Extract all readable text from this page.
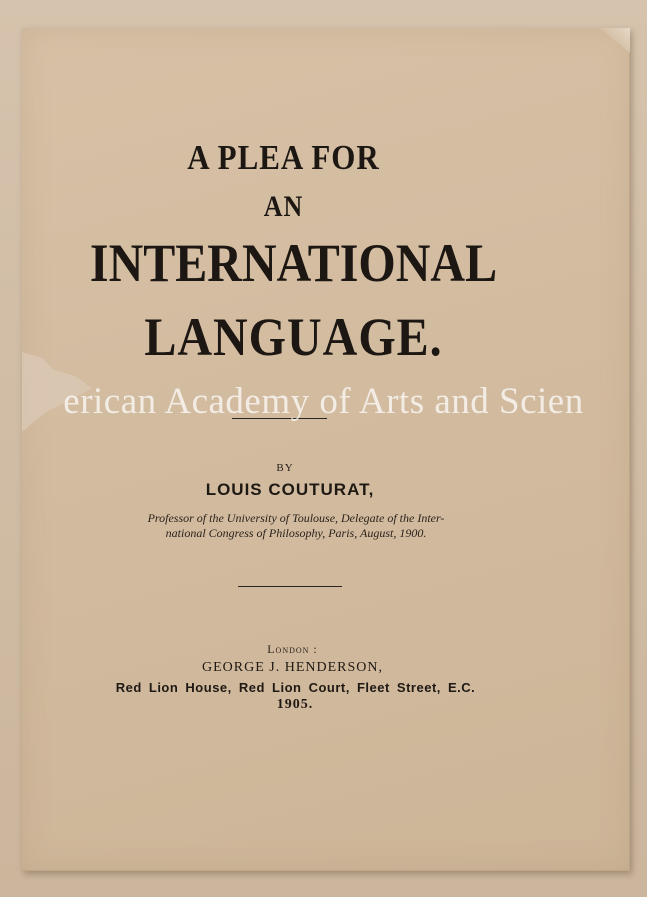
A PLEA FOR
AN
INTERNATIONAL
LANGUAGE.
erican Academy of Arts and Scien
BY
LOUIS COUTURAT,
Professor of the University of Toulouse, Delegate of the Inter-
national Congress of Philosophy, Paris, August, 1900.
London :
GEORGE J. HENDERSON,
Red Lion House, Red Lion Court, Fleet Street, E.C.
1905.
